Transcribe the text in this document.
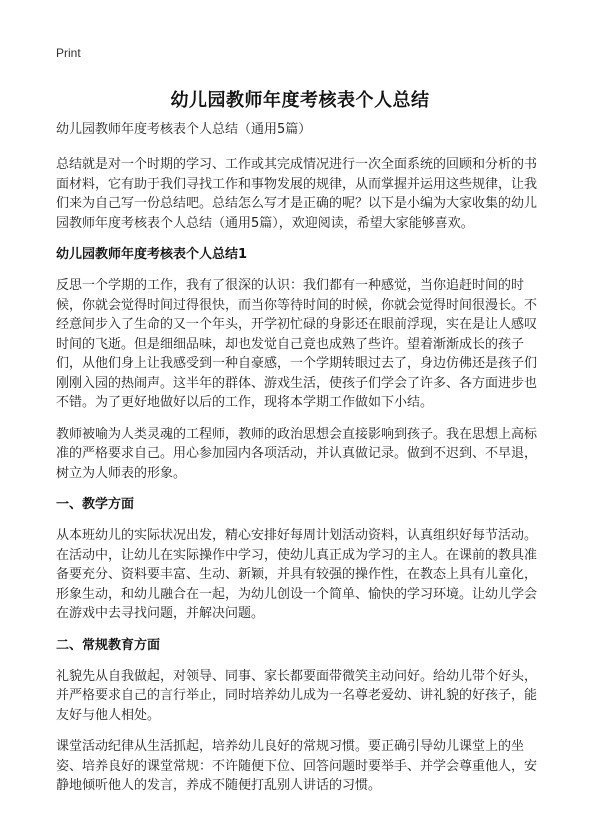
Print
幼儿园教师年度考核表个人总结
幼儿园教师年度考核表个人总结（通用5篇）

总结就是对一个时期的学习、工作或其完成情况进行一次全面系统的回顾和分析的书面材料，它有助于我们寻找工作和事物发展的规律，从而掌握并运用这些规律，让我们来为自己写一份总结吧。总结怎么写才是正确的呢？以下是小编为大家收集的幼儿园教师年度考核表个人总结（通用5篇），欢迎阅读，希望大家能够喜欢。

幼儿园教师年度考核表个人总结1

反思一个学期的工作，我有了很深的认识：我们都有一种感觉，当你追赶时间的时候，你就会觉得时间过得很快，而当你等待时间的时候，你就会觉得时间很漫长。不经意间步入了生命的又一个年头，开学初忙碌的身影还在眼前浮现，实在是让人感叹时间的飞逝。但是细细品味，却也发觉自己竟也成熟了些许。望着渐渐成长的孩子们，从他们身上让我感受到一种自豪感，一个学期转眼过去了，身边仿佛还是孩子们刚刚入园的热闹声。这半年的群体、游戏生活，使孩子们学会了许多、各方面进步也不错。为了更好地做好以后的工作，现将本学期工作做如下小结。

教师被喻为人类灵魂的工程师，教师的政治思想会直接影响到孩子。我在思想上高标准的严格要求自己。用心参加园内各项活动，并认真做记录。做到不迟到、不早退，树立为人师表的形象。

一、教学方面

从本班幼儿的实际状况出发，精心安排好每周计划活动资料，认真组织好每节活动。在活动中，让幼儿在实际操作中学习，使幼儿真正成为学习的主人。在课前的教具准备要充分、资料要丰富、生动、新颖，并具有较强的操作性，在教态上具有儿童化，形象生动，和幼儿融合在一起，为幼儿创设一个简单、愉快的学习环境。让幼儿学会在游戏中去寻找问题，并解决问题。

二、常规教育方面

礼貌先从自我做起，对领导、同事、家长都要面带微笑主动问好。给幼儿带个好头，并严格要求自己的言行举止，同时培养幼儿成为一名尊老爱幼、讲礼貌的好孩子，能友好与他人相处。

课堂活动纪律从生活抓起，培养幼儿良好的常规习惯。要正确引导幼儿课堂上的坐姿、培养良好的课堂常规：不许随便下位、回答问题时要举手、并学会尊重他人，安静地倾听他人的发言，养成不随便打乱别人讲话的习惯。
